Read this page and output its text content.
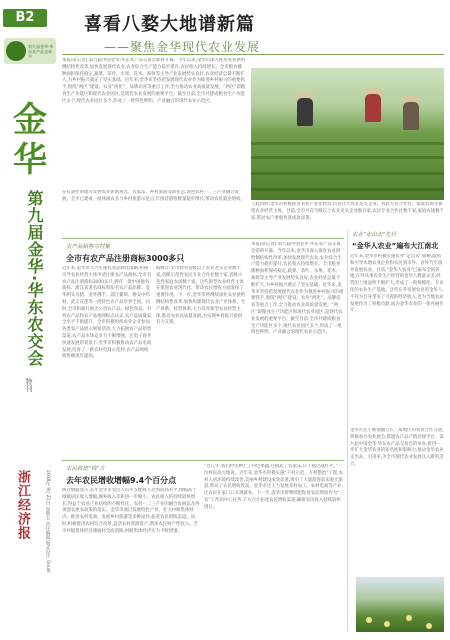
B2
第九届金华·华东农产品交易会
金华
第九届金华·华东农交会
特刊
浙江经济报	2018年 9月21日 星期五 责任编辑 版式设计 Email
喜看八婺大地谱新篇
——聚焦金华现代农业发展
本报讯(记者) 第九届中国金华·华东农产品交易会即将开幕。今年以来,金华市深入推进农业供给侧结构性改革,加快发展现代农业,农业综合生产能力稳步提升,农民收入持续增长。全市粮食播种面积保持稳定,蔬菜、茶叶、水果、花木、畜牧等主导产业发展势头良好,农业经济总量不断扩大,为乡村振兴奠定了坚实基础。近年来,金华市坚持把发展现代农业作为推进乡村振兴的重要抓手,围绕“两区”建设、农业“两化”、品牌培育等重点工作,全力推动农业高质量发展。“两区”即粮食生产功能区和现代农业园区,是现代农业发展的重要平台。截至目前,全市共建成粮食生产功能区多个,现代农业园区多个,形成了一批特色鲜明、产业融合的现代农业示范区。
与此同时,金华市积极推进农业产业化经营,培育壮大农业龙头企业、农民专业合作社、家庭农场等新型农业经营主体。目前,全市共有市级以上农业龙头企业数百家,农民专业合作社数千家,家庭农场数千家,带动农户增收致富成效显著。
在有条件的地方发展农业休闲观光、农家乐、乡村旅游等新业态,促进农村一二三产业融合发展。全市已建成一批休闲农业与乡村旅游示范点,年接待游客数量稳步增长,带动农民就业增收。
农产品销售与村集
全市有农产品注册商标3000多只
近年来,金华市大力实施农业品牌化战略,积极引导农业经营主体申请注册农产品商标,全市有农产品注册商标3000多只,拥有一批中国驰名商标、浙江省著名商标和知名农产品品牌。金华两头乌猪、金华佛手、浦江葡萄、磐安中药材、武义宣莲等一批特色农产品享誉全国。同时,全市积极开展无公害农产品、绿色食品、有机农产品和农产品地理标志认证,农产品质量安全水平不断提升。全市积极组织农业企业参加各类农产品展示展销活动,大力拓展农产品销售渠道,农产品市场竞争力不断增强。在电子商务快速发展的背景下,金华市积极推动农产品电商发展,培育了一批农村电商示范村,农产品网络销售额逐年提高。
据统计,全市现有省级以上农业龙头企业数十家,省级示范性农民专业合作社数十家,省级示范性家庭农场数十家。这些新型农业经营主体在推进农业现代化、带动农民增收方面发挥了重要作用。下一步,金华市将继续深化农业供给侧结构性改革,加快构建现代农业产业体系、生产体系、经营体系,大力培育新型农业经营主体,推动农业高质量发展,为实现乡村振兴提供有力支撑。
本报讯(记者) 第九届中国金华·华东农产品交易会即将开幕。今年以来,金华市深入推进农业供给侧结构性改革,加快发展现代农业,农业综合生产能力稳步提升,农民收入持续增长。全市粮食播种面积保持稳定,蔬菜、茶叶、水果、花木、畜牧等主导产业发展势头良好,农业经济总量不断扩大,为乡村振兴奠定了坚实基础。近年来,金华市坚持把发展现代农业作为推进乡村振兴的重要抓手,围绕“两区”建设、农业“两化”、品牌培育等重点工作,全力推动农业高质量发展。“两区”即粮食生产功能区和现代农业园区,是现代农业发展的重要平台。截至目前,全市共建成粮食生产功能区多个,现代农业园区多个,形成了一批特色鲜明、产业融合的现代农业示范区。
农业“走出去”先行
“金华人农业”遍布大江南北
近年来,金华市积极实施农业“走出去”战略,鼓励和引导本地农业企业和农民到市外、省外乃至国外发展农业。目前,“金华人农业”已遍布全国各地,在外从事农业生产经营的金华人数量众多,经营的土地面积不断扩大,形成了一批规模化、专业化的农业生产基地。这些在外发展农业的金华人,不仅为自身带来了可观的经济收入,也为当地农业发展作出了积极贡献,成为金华农业的一张亮丽名片。
金华市还不断加强与长三角地区的农业合作交流,积极承办农业展会,搭建农产品产销对接平台。第九届中国金华·华东农产品交易会的举办,将进一步扩大金华农业的知名度和影响力,推动金华农业走出去、引进来,为全市现代农业发展注入新的活力。
农民致富“钱”方
去年农民增收增幅9.4个百分点
统计数据显示,去年金华市农民人均可支配收入达到较高水平,增幅高于城镇居民收入增幅,城乡收入差距进一步缩小。农民收入的持续较快增长,得益于农业产业结构的不断优化、农村一二三产业的融合发展以及各项强农惠农政策的落实。金华市通过发展特色产业、壮大村级集体经济、推进农村电商、发展乡村旅游等多种途径,拓宽农民增收渠道。同时,积极推进农村综合改革,盘活农村资源资产,增加农民财产性收入。全市村级集体经济薄弱村全面消除,村级集体经济实力不断增强。
“这几年,我们村里种上了特色果蔬,还搞起了农家乐,日子越过越红火。”一位村民高兴地说。近年来,金华市积极实施“千村示范、万村整治”工程,农村人居环境持续改善,美丽乡村建设成效显著,吸引了大量游客前来观光旅游,带动了农民增收致富。金华市还大力发展来料加工、农村电商等产业,让农民在家门口实现就业。下一步,金华市将继续把促进农民增收作为“三农”工作的中心任务,千方百计拓宽农民增收渠道,确保农民收入持续较快增长。
